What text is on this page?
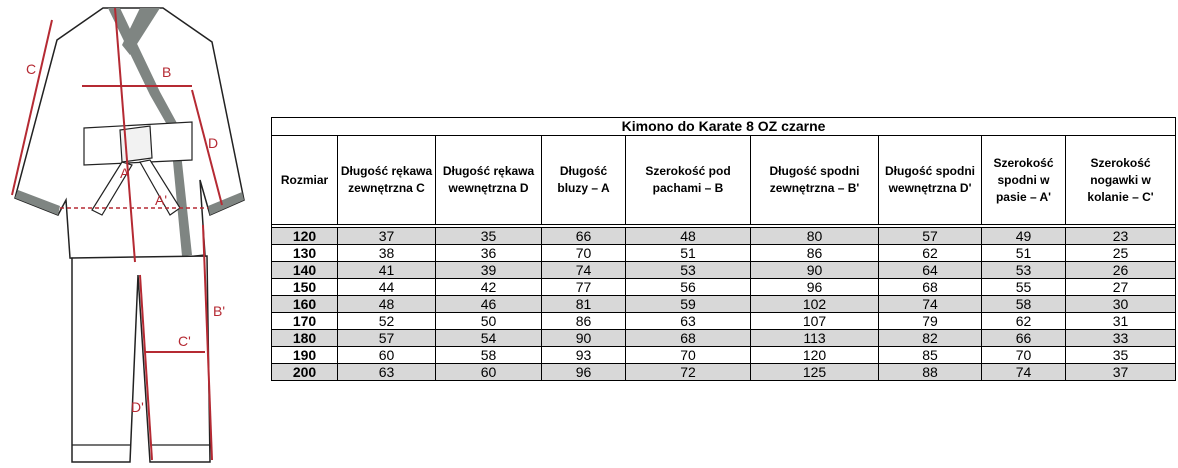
C	B
D
A
A'
B'
C'
D'
Kimono do Karate 8 OZ czarne								
Rozmiar	Długość rękawa zewnętrzna C	Długość rękawa wewnętrzna D	Długość bluzy – A	Szerokość pod pachami – B	Długość spodni zewnętrzna – B'	Długość spodni wewnętrzna D'	Szerokość spodni w pasie – A'	Szerokość nogawki w kolanie – C'

120	37	35	66	48	80	57	49	23
130	38	36	70	51	86	62	51	25
140	41	39	74	53	90	64	53	26
150	44	42	77	56	96	68	55	27
160	48	46	81	59	102	74	58	30
170	52	50	86	63	107	79	62	31
180	57	54	90	68	113	82	66	33
190	60	58	93	70	120	85	70	35
200	63	60	96	72	125	88	74	37
